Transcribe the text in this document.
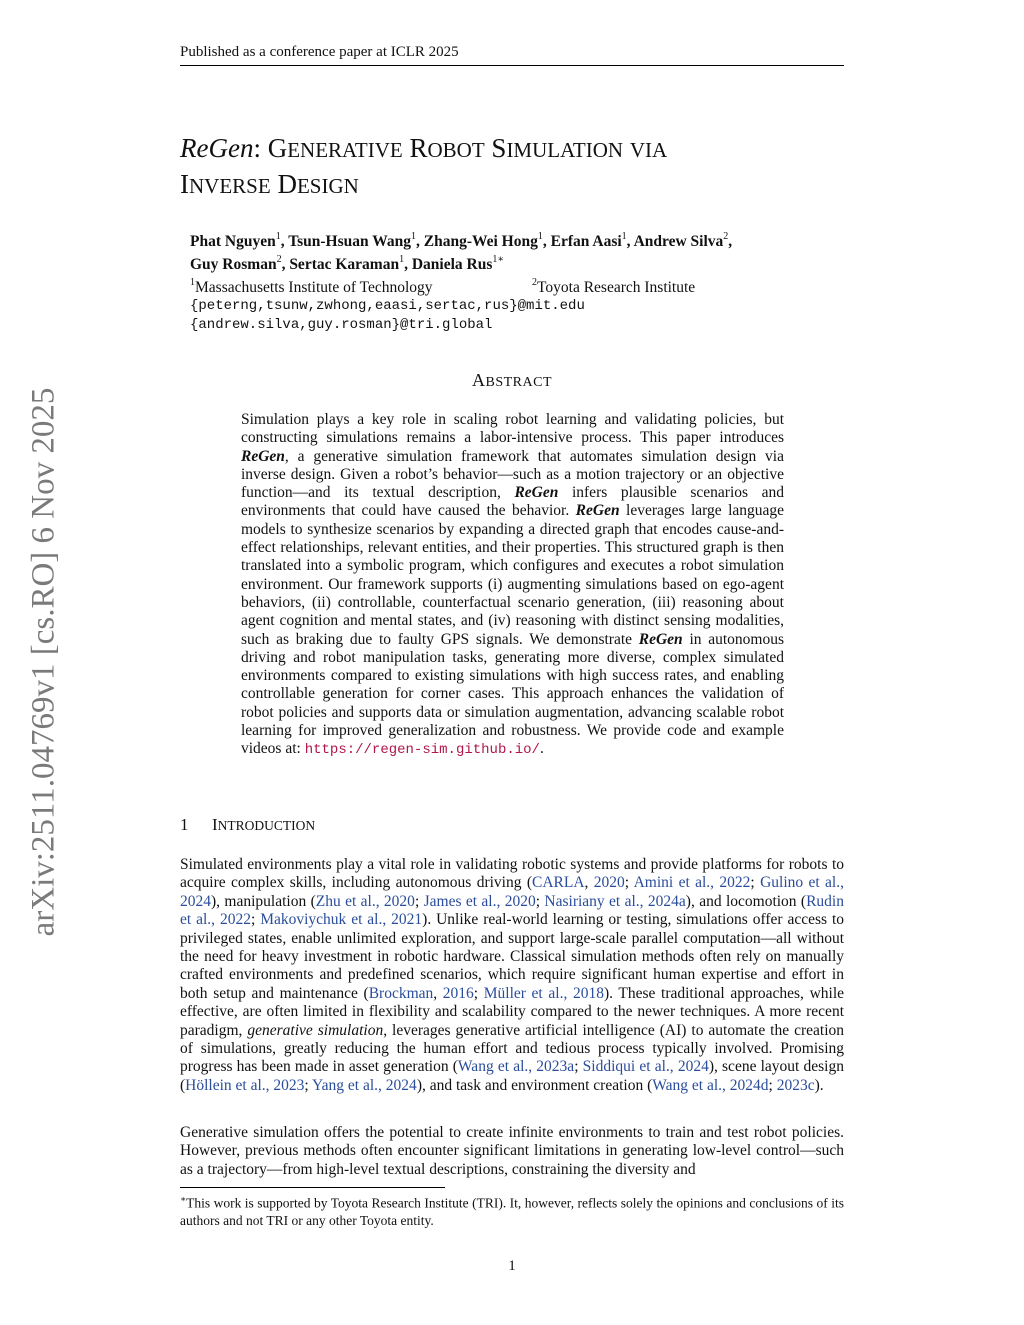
Published as a conference paper at ICLR 2025
arXiv:2511.04769v1 [cs.RO] 6 Nov 2025
ReGen: GENERATIVE ROBOT SIMULATION VIA
INVERSE DESIGN
Phat Nguyen$^1$, Tsun-Hsuan Wang$^1$, Zhang-Wei Hong$^1$, Erfan Aasi$^1$, Andrew Silva$^2$,
Guy Rosman$^2$, Sertac Karaman$^1$, Daniela Rus$^{1∗}$
$^1$Massachusetts Institute of Technology	$^2$Toyota Research Institute
{peterng,tsunw,zwhong,eaasi,sertac,rus}@mit.edu
{andrew.silva,guy.rosman}@tri.global
ABSTRACT
Simulation plays a key role in scaling robot learning and validating policies, but constructing simulations remains a labor-intensive process. This paper introduces ReGen, a generative simulation framework that automates simulation design via inverse design. Given a robot’s behavior—such as a motion trajectory or an objective function—and its textual description, ReGen infers plausible scenarios and environments that could have caused the behavior. ReGen leverages large language models to synthesize scenarios by expanding a directed graph that encodes cause-and-effect relationships, relevant entities, and their properties. This structured graph is then translated into a symbolic program, which configures and executes a robot simulation environment. Our framework supports (i) augmenting simulations based on ego-agent behaviors, (ii) controllable, counterfactual scenario generation, (iii) reasoning about agent cognition and mental states, and (iv) reasoning with distinct sensing modalities, such as braking due to faulty GPS signals. We demonstrate ReGen in autonomous driving and robot manipulation tasks, generating more diverse, complex simulated environments compared to existing simulations with high success rates, and enabling controllable generation for corner cases. This approach enhances the validation of robot policies and supports data or simulation augmentation, advancing scalable robot learning for improved generalization and robustness. We provide code and example videos at: https://regen-sim.github.io/.
1 INTRODUCTION
Simulated environments play a vital role in validating robotic systems and provide platforms for robots to acquire complex skills, including autonomous driving (CARLA, 2020; Amini et al., 2022; Gulino et al., 2024), manipulation (Zhu et al., 2020; James et al., 2020; Nasiriany et al., 2024a), and locomotion (Rudin et al., 2022; Makoviychuk et al., 2021). Unlike real-world learning or testing, simulations offer access to privileged states, enable unlimited exploration, and support large-scale parallel computation—all without the need for heavy investment in robotic hardware. Classical simulation methods often rely on manually crafted environments and predefined scenarios, which require significant human expertise and effort in both setup and maintenance (Brockman, 2016; Müller et al., 2018). These traditional approaches, while effective, are often limited in flexibility and scalability compared to the newer techniques. A more recent paradigm, generative simulation, leverages generative artificial intelligence (AI) to automate the creation of simulations, greatly reducing the human effort and tedious process typically involved. Promising progress has been made in asset generation (Wang et al., 2023a; Siddiqui et al., 2024), scene layout design (Höllein et al., 2023; Yang et al., 2024), and task and environment creation (Wang et al., 2024d; 2023c).
Generative simulation offers the potential to create infinite environments to train and test robot policies. However, previous methods often encounter significant limitations in generating low-level control—such as a trajectory—from high-level textual descriptions, constraining the diversity and
∗This work is supported by Toyota Research Institute (TRI). It, however, reflects solely the opinions and conclusions of its authors and not TRI or any other Toyota entity.
1
